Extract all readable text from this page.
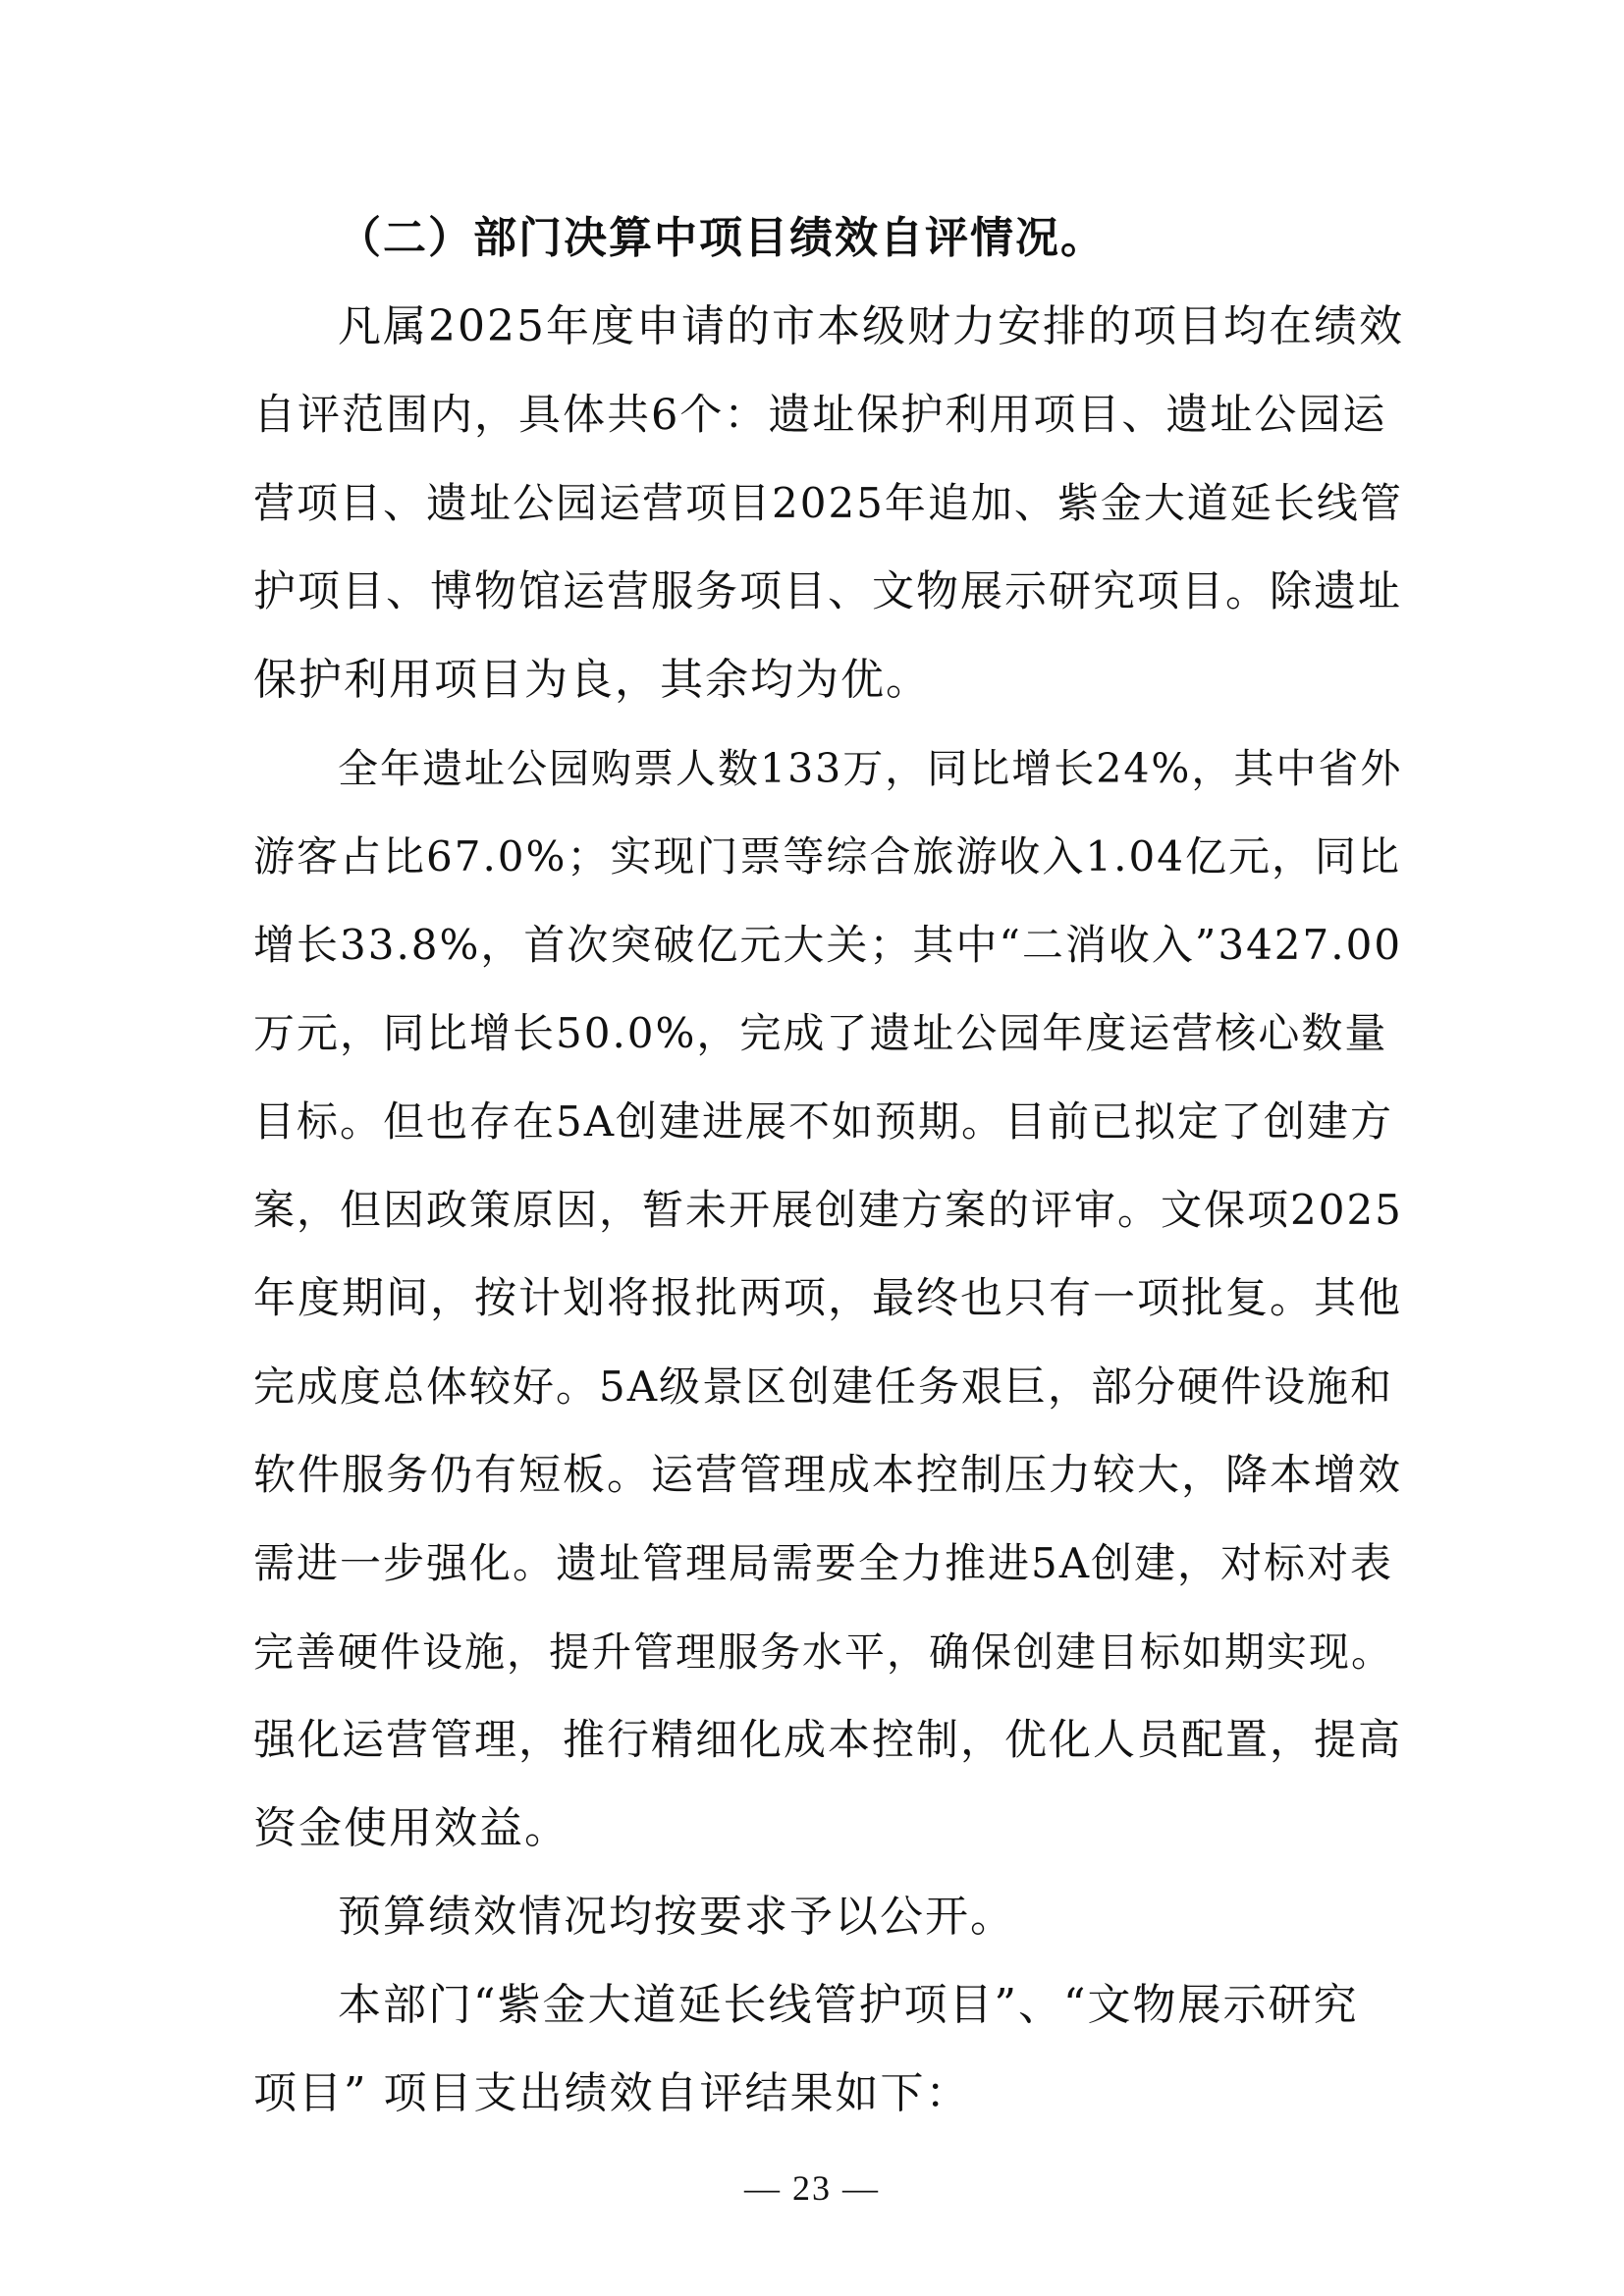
（二）部门决算中项目绩效自评情况。
凡属2025年度申请的市本级财力安排的项目均在绩效
自评范围内，具体共6个：遗址保护利用项目、遗址公园运
营项目、遗址公园运营项目2025年追加、紫金大道延长线管
护项目、博物馆运营服务项目、文物展示研究项目。除遗址
保护利用项目为良，其余均为优。
全年遗址公园购票人数133万，同比增长24%，其中省外
游客占比67.0%；实现门票等综合旅游收入1.04亿元，同比
增长33.8%，首次突破亿元大关；其中“二消收入”3427.00
万元，同比增长50.0%，完成了遗址公园年度运营核心数量
目标。但也存在5A创建进展不如预期。目前已拟定了创建方
案，但因政策原因，暂未开展创建方案的评审。文保项2025
年度期间，按计划将报批两项，最终也只有一项批复。其他
完成度总体较好。5A级景区创建任务艰巨，部分硬件设施和
软件服务仍有短板。运营管理成本控制压力较大，降本增效
需进一步强化。遗址管理局需要全力推进5A创建，对标对表
完善硬件设施，提升管理服务水平，确保创建目标如期实现。
强化运营管理，推行精细化成本控制，优化人员配置，提高
资金使用效益。
预算绩效情况均按要求予以公开。
本部门“紫金大道延长线管护项目”、“文物展示研究
项目” 项目支出绩效自评结果如下：
— 23 —
